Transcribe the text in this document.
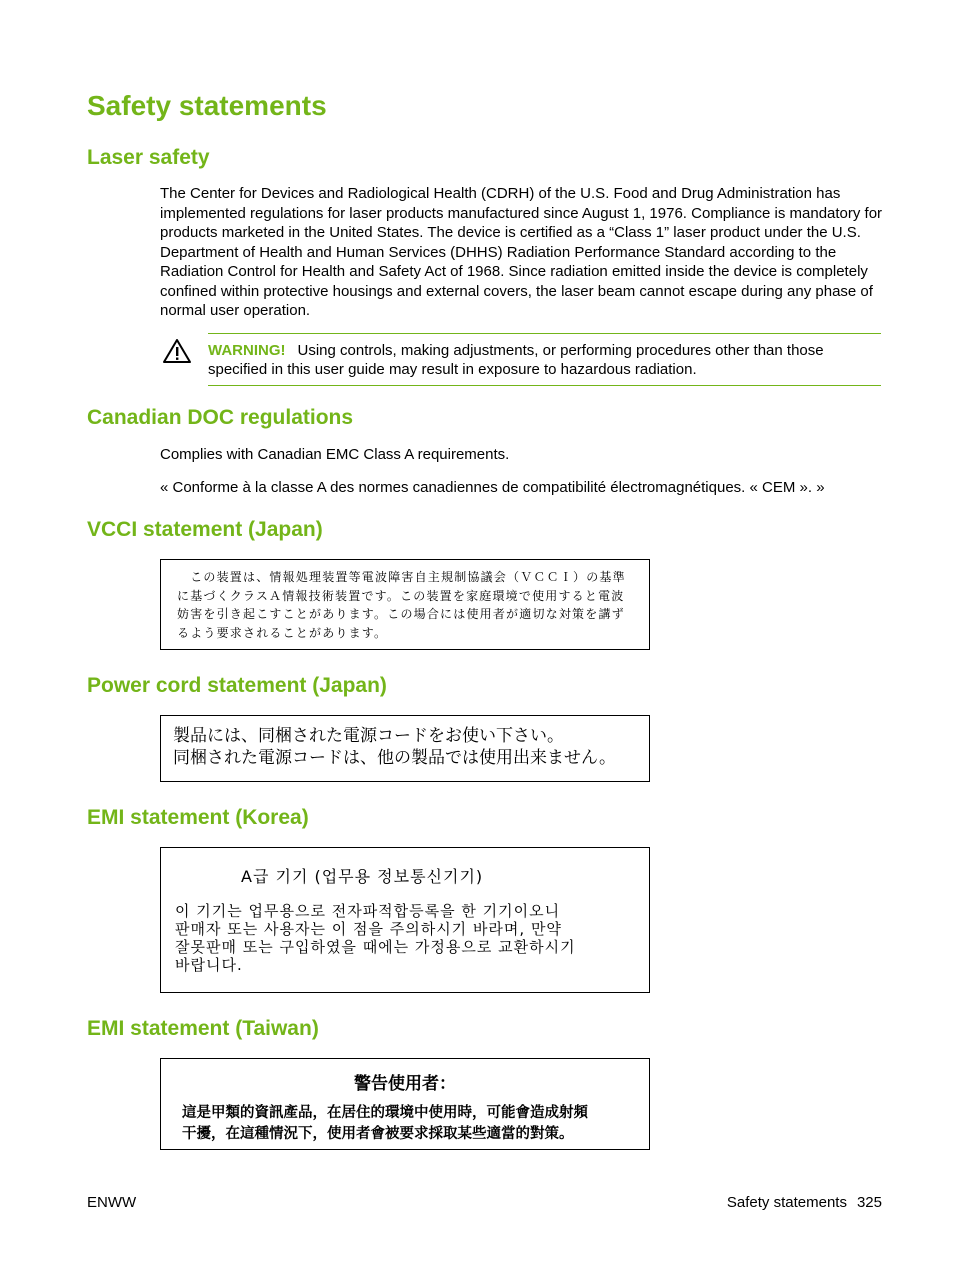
Safety statements
Laser safety

The Center for Devices and Radiological Health (CDRH) of the U.S. Food and Drug Administration has implemented regulations for laser products manufactured since August 1, 1976. Compliance is mandatory for products marketed in the United States. The device is certified as a “Class 1” laser product under the U.S. Department of Health and Human Services (DHHS) Radiation Performance Standard according to the Radiation Control for Health and Safety Act of 1968. Since radiation emitted inside the device is completely confined within protective housings and external covers, the laser beam cannot escape during any phase of normal user operation.

WARNING! Using controls, making adjustments, or performing procedures other than those specified in this user guide may result in exposure to hazardous radiation.
Canadian DOC regulations

Complies with Canadian EMC Class A requirements.

« Conforme à la classe A des normes canadiennes de compatibilité électromagnétiques. « CEM ». »

VCCI statement (Japan)
　この装置は、情報処理装置等電波障害自主規制協議会（ＶＣＣＩ）の基準
に基づくクラスＡ情報技術装置です。この装置を家庭環境で使用すると電波
妨害を引き起こすことがあります。この場合には使用者が適切な対策を講ず
るよう要求されることがあります。
Power cord statement (Japan)
製品には、同梱された電源コードをお使い下さい。
同梱された電源コードは、他の製品では使用出来ません。
EMI statement (Korea)
A급 기기 (업무용 정보통신기기)
이 기기는 업무용으로 전자파적합등록을 한 기기이오니
판매자 또는 사용자는 이 점을 주의하시기 바라며, 만약
잘못판매 또는 구입하였을 때에는 가정용으로 교환하시기
바랍니다.
EMI statement (Taiwan)
警告使用者：
這是甲類的資訊產品，在居住的環境中使用時，可能會造成射頻
干擾，在這種情況下，使用者會被要求採取某些適當的對策。
ENWW	Safety statements 325
